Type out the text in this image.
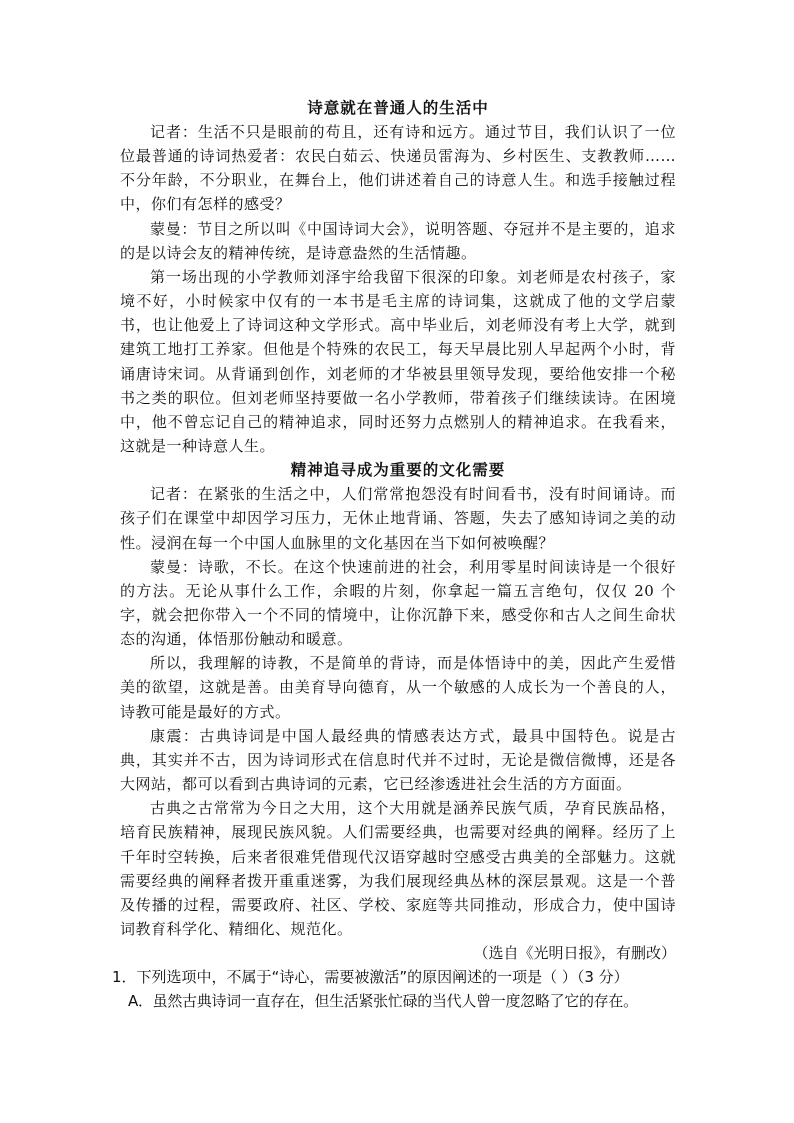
诗意就在普通人的生活中

记者：生活不只是眼前的苟且，还有诗和远方。通过节目，我们认识了一位位最普通的诗词热爱者：农民白茹云、快递员雷海为、乡村医生、支教教师……不分年龄，不分职业，在舞台上，他们讲述着自己的诗意人生。和选手接触过程中，你们有怎样的感受？

蒙曼：节目之所以叫《中国诗词大会》，说明答题、夺冠并不是主要的，追求的是以诗会友的精神传统，是诗意盎然的生活情趣。

第一场出现的小学教师刘泽宇给我留下很深的印象。刘老师是农村孩子，家境不好，小时候家中仅有的一本书是毛主席的诗词集，这就成了他的文学启蒙书，也让他爱上了诗词这种文学形式。高中毕业后，刘老师没有考上大学，就到建筑工地打工养家。但他是个特殊的农民工，每天早晨比别人早起两个小时，背诵唐诗宋词。从背诵到创作，刘老师的才华被县里领导发现，要给他安排一个秘书之类的职位。但刘老师坚持要做一名小学教师，带着孩子们继续读诗。在困境中，他不曾忘记自己的精神追求，同时还努力点燃别人的精神追求。在我看来，这就是一种诗意人生。

精神追寻成为重要的文化需要

记者：在紧张的生活之中，人们常常抱怨没有时间看书，没有时间诵诗。而孩子们在课堂中却因学习压力，无休止地背诵、答题，失去了感知诗词之美的动性。浸润在每一个中国人血脉里的文化基因在当下如何被唤醒？

蒙曼：诗歌，不长。在这个快速前进的社会，利用零星时间读诗是一个很好的方法。无论从事什么工作，余暇的片刻，你拿起一篇五言绝句，仅仅 20 个字，就会把你带入一个不同的情境中，让你沉静下来，感受你和古人之间生命状态的沟通，体悟那份触动和暖意。

所以，我理解的诗教，不是简单的背诗，而是体悟诗中的美，因此产生爱惜美的欲望，这就是善。由美育导向德育，从一个敏感的人成长为一个善良的人，诗教可能是最好的方式。

康震：古典诗词是中国人最经典的情感表达方式，最具中国特色。说是古典，其实并不古，因为诗词形式在信息时代并不过时，无论是微信微博，还是各大网站，都可以看到古典诗词的元素，它已经渗透进社会生活的方方面面。

古典之古常常为今日之大用，这个大用就是涵养民族气质，孕育民族品格，培育民族精神，展现民族风貌。人们需要经典，也需要对经典的阐释。经历了上千年时空转换，后来者很难凭借现代汉语穿越时空感受古典美的全部魅力。这就需要经典的阐释者拨开重重迷雾，为我们展现经典丛林的深层景观。这是一个普及传播的过程，需要政府、社区、学校、家庭等共同推动，形成合力，使中国诗词教育科学化、精细化、规范化。

（选自《光明日报》，有删改）

1．下列选项中，不属于“诗心，需要被激活”的原因阐述的一项是（ ）（3 分）

A．虽然古典诗词一直存在，但生活紧张忙碌的当代人曾一度忽略了它的存在。
